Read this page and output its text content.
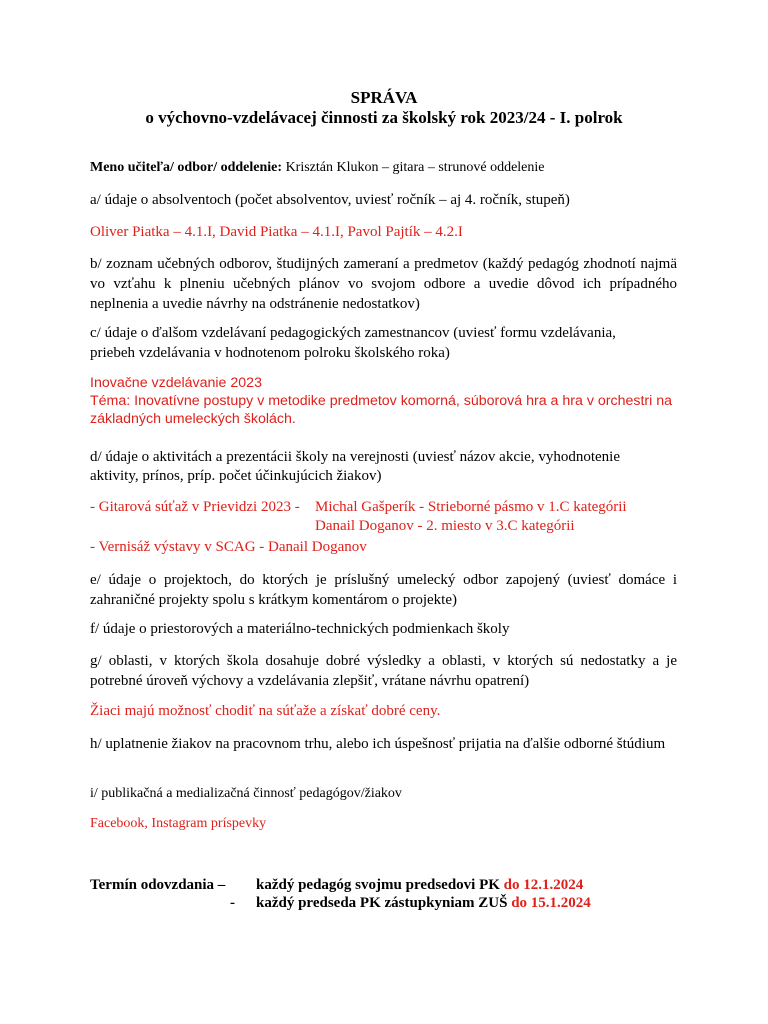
SPRÁVA
o výchovno-vzdelávacej činnosti za školský rok 2023/24 - I. polrok
Meno učiteľa/ odbor/ oddelenie: Krisztán Klukon – gitara – strunové oddelenie
a/ údaje o absolventoch (počet absolventov, uviesť ročník – aj 4. ročník, stupeň)
Oliver Piatka – 4.1.I, David Piatka – 4.1.I, Pavol Pajtík – 4.2.I
b/ zoznam učebných odborov, študijných zameraní a predmetov (každý pedagóg zhodnotí najmä vo vzťahu k plneniu učebných plánov vo svojom odbore a uvedie dôvod ich prípadného neplnenia a uvedie návrhy na odstránenie nedostatkov)
c/ údaje o ďalšom vzdelávaní pedagogických zamestnancov (uviesť formu vzdelávania,
priebeh vzdelávania v hodnotenom polroku školského roka)
Inovačne vzdelávanie 2023
Téma: Inovatívne postupy v metodike predmetov komorná, súborová hra a hra v orchestri na
základných umeleckých školách.
d/ údaje o aktivitách a prezentácii školy na verejnosti (uviesť názov akcie, vyhodnotenie
aktivity, prínos, príp. počet účinkujúcich žiakov)
- Gitarová súťaž v Prievidzi 2023 - Michal Gašperík - Strieborné pásmo v 1.C kategórii
Danail Doganov - 2. miesto v 3.C kategórii
- Vernisáž výstavy v SCAG - Danail Doganov
e/ údaje o projektoch, do ktorých je príslušný umelecký odbor zapojený (uviesť domáce i zahraničné projekty spolu s krátkym komentárom o projekte)
f/ údaje o priestorových a materiálno-technických podmienkach školy
g/ oblasti, v ktorých škola dosahuje dobré výsledky a oblasti, v ktorých sú nedostatky a je potrebné úroveň výchovy a vzdelávania zlepšiť, vrátane návrhu opatrení)
Žiaci majú možnosť chodiť na súťaže a získať dobré ceny.
h/ uplatnenie žiakov na pracovnom trhu, alebo ich úspešnosť prijatia na ďalšie odborné štúdium
i/ publikačná a medializačná činnosť pedagógov/žiakov
Facebook, Instagram príspevky
Termín odovzdania – každý pedagóg svojmu predsedovi PK do 12.1.2024
- každý predseda PK zástupkyniam ZUŠ do 15.1.2024
